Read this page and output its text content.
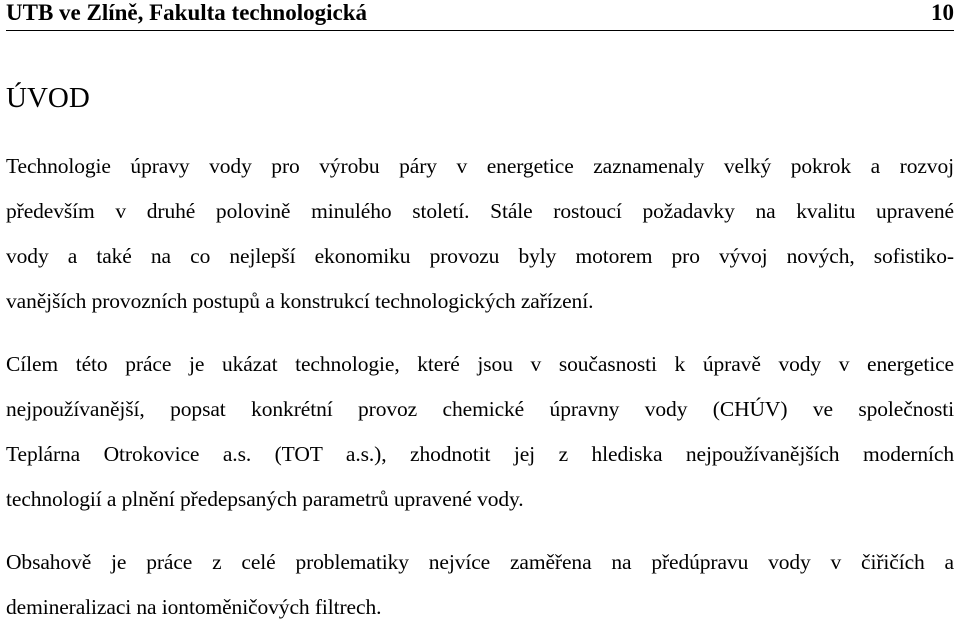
UTB ve Zlíně, Fakulta technologická	10
ÚVOD
Technologie úpravy vody pro výrobu páry v energetice zaznamenaly velký pokrok a rozvoj
především v druhé polovině minulého století. Stále rostoucí požadavky na kvalitu upravené
vody a také na co nejlepší ekonomiku provozu byly motorem pro vývoj nových, sofistiko-
vanějších provozních postupů a konstrukcí technologických zařízení.
Cílem této práce je ukázat technologie, které jsou v současnosti k úpravě vody v energetice
nejpoužívanější, popsat konkrétní provoz chemické úpravny vody (CHÚV) ve společnosti
Teplárna Otrokovice a.s. (TOT a.s.), zhodnotit jej z hlediska nejpoužívanějších moderních
technologií a plnění předepsaných parametrů upravené vody.
Obsahově je práce z celé problematiky nejvíce zaměřena na předúpravu vody v čiřičích a
demineralizaci na iontoměničových filtrech.
